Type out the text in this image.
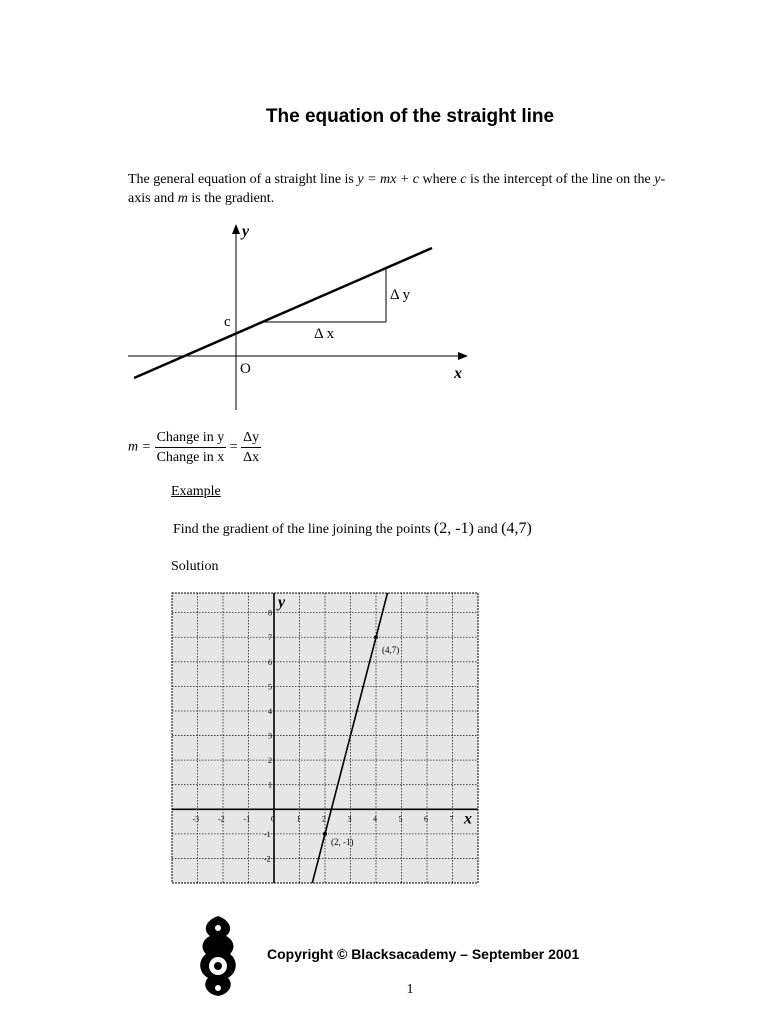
The equation of the straight line
The general equation of a straight line is y = mx + c where c is the intercept of the line on the y-axis and m is the gradient.
y
x
O
c
Δ x
Δ y
$m = \frac{\text{Change in y}}{\text{Change in x}} = \frac{\Delta y}{\Delta x}$
Example
Find the gradient of the line joining the points (2, -1) and (4,7)
Solution
-3 -2 -1	0	1	2	3	4	5	6	7
-2
-1
1
2
3
4
5
6
7
8
x
y
(2, -1)
(4,7)
Copyright © Blacksacademy – September 2001
1
